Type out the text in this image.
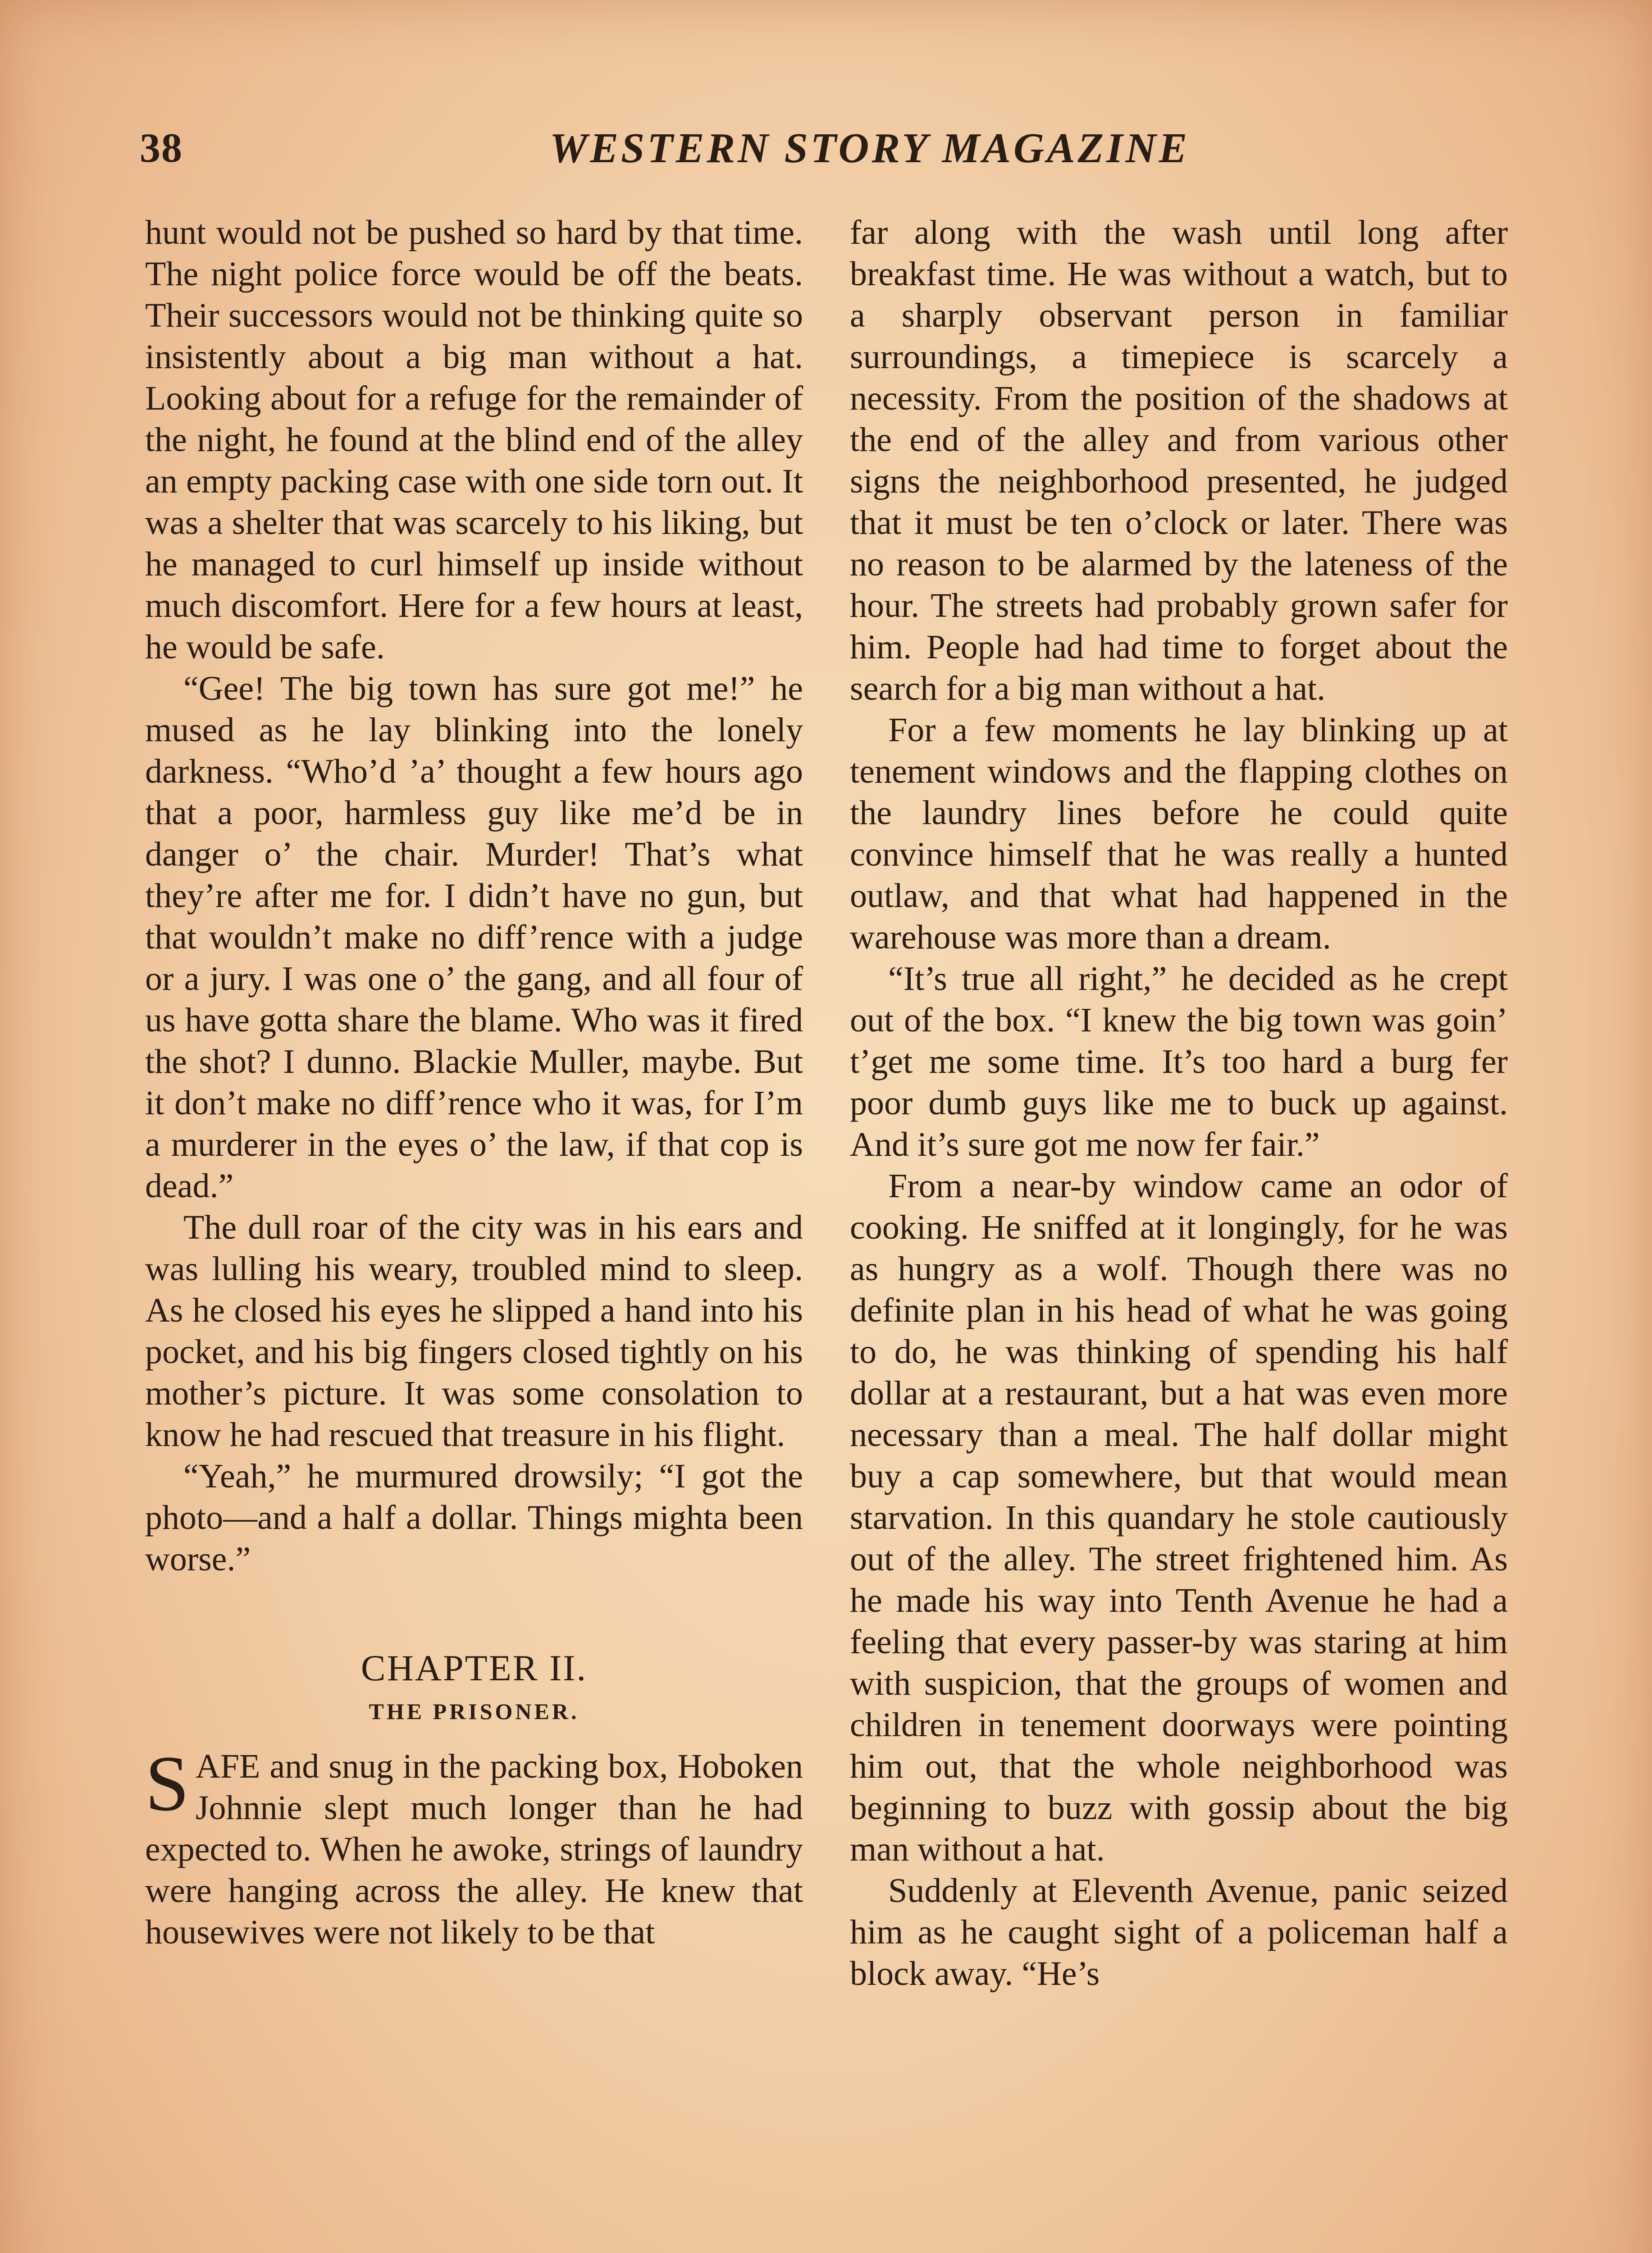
38	WESTERN STORY MAGAZINE

hunt would not be pushed so hard by that time. The night police force would be off the beats. Their successors would not be thinking quite so insistently about a big man without a hat. Looking about for a refuge for the remainder of the night, he found at the blind end of the alley an empty packing case with one side torn out. It was a shelter that was scarcely to his liking, but he managed to curl himself up inside without much discomfort. Here for a few hours at least, he would be safe.

“Gee! The big town has sure got me!” he mused as he lay blinking into the lonely darkness. “Who’d ’a’ thought a few hours ago that a poor, harmless guy like me’d be in danger o’ the chair. Murder! That’s what they’re after me for. I didn’t have no gun, but that wouldn’t make no diff’rence with a judge or a jury. I was one o’ the gang, and all four of us have gotta share the blame. Who was it fired the shot? I dunno. Blackie Muller, maybe. But it don’t make no diff’rence who it was, for I’m a murderer in the eyes o’ the law, if that cop is dead.”

The dull roar of the city was in his ears and was lulling his weary, troubled mind to sleep. As he closed his eyes he slipped a hand into his pocket, and his big fingers closed tightly on his mother’s picture. It was some consolation to know he had rescued that treasure in his flight.

“Yeah,” he murmured drowsily; “I got the photo—and a half a dollar. Things mighta been worse.”

CHAPTER II.

THE PRISONER.

SAFE and snug in the packing box, Hoboken Johnnie slept much longer than he had expected to. When he awoke, strings of laundry were hanging across the alley. He knew that housewives were not likely to be that

far along with the wash until long after breakfast time. He was without a watch, but to a sharply observant person in familiar surroundings, a timepiece is scarcely a necessity. From the position of the shadows at the end of the alley and from various other signs the neighborhood presented, he judged that it must be ten o’clock or later. There was no reason to be alarmed by the lateness of the hour. The streets had probably grown safer for him. People had had time to forget about the search for a big man without a hat.

For a few moments he lay blinking up at tenement windows and the flapping clothes on the laundry lines before he could quite convince himself that he was really a hunted outlaw, and that what had happened in the warehouse was more than a dream.

“It’s true all right,” he decided as he crept out of the box. “I knew the big town was goin’ t’get me some time. It’s too hard a burg fer poor dumb guys like me to buck up against. And it’s sure got me now fer fair.”

From a near-by window came an odor of cooking. He sniffed at it longingly, for he was as hungry as a wolf. Though there was no definite plan in his head of what he was going to do, he was thinking of spending his half dollar at a restaurant, but a hat was even more necessary than a meal. The half dollar might buy a cap somewhere, but that would mean starvation. In this quandary he stole cautiously out of the alley. The street frightened him. As he made his way into Tenth Avenue he had a feeling that every passer-by was staring at him with suspicion, that the groups of women and children in tenement doorways were pointing him out, that the whole neighborhood was beginning to buzz with gossip about the big man without a hat.

Suddenly at Eleventh Avenue, panic seized him as he caught sight of a policeman half a block away. “He’s
